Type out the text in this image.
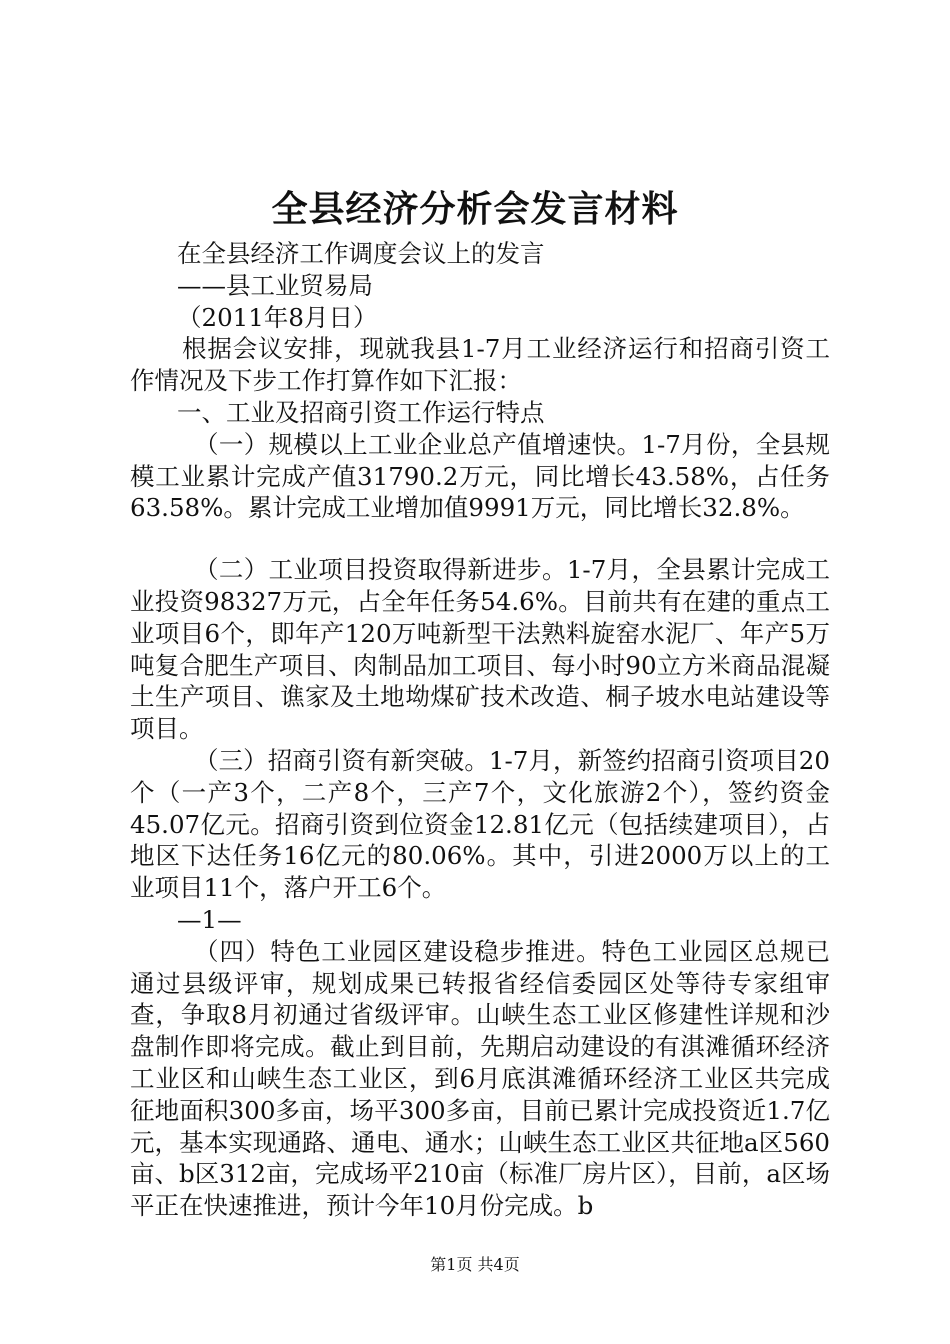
全县经济分析会发言材料

在全县经济工作调度会议上的发言

——县工业贸易局

（2011年8月日）

根据会议安排，现就我县1-7月工业经济运行和招商引资工作情况及下步工作打算作如下汇报：

一、工业及招商引资工作运行特点

（一）规模以上工业企业总产值增速快。1-7月份，全县规模工业累计完成产值31790.2万元，同比增长43.58%，占任务63.58%。累计完成工业增加值9991万元，同比增长32.8%。

（二）工业项目投资取得新进步。1-7月，全县累计完成工业投资98327万元，占全年任务54.6%。目前共有在建的重点工业项目6个，即年产120万吨新型干法熟料旋窑水泥厂、年产5万吨复合肥生产项目、肉制品加工项目、每小时90立方米商品混凝土生产项目、谯家及土地坳煤矿技术改造、桐子坡水电站建设等项目。

（三）招商引资有新突破。1-7月，新签约招商引资项目20个（一产3个，二产8个，三产7个，文化旅游2个），签约资金45.07亿元。招商引资到位资金12.81亿元（包括续建项目），占地区下达任务16亿元的80.06%。其中，引进2000万以上的工业项目11个，落户开工6个。

—1—

（四）特色工业园区建设稳步推进。特色工业园区总规已通过县级评审，规划成果已转报省经信委园区处等待专家组审查，争取8月初通过省级评审。山峡生态工业区修建性详规和沙盘制作即将完成。截止到目前，先期启动建设的有淇滩循环经济工业区和山峡生态工业区，到6月底淇滩循环经济工业区共完成征地面积300多亩，场平300多亩，目前已累计完成投资近1.7亿元，基本实现通路、通电、通水；山峡生态工业区共征地a区560亩、b区312亩，完成场平210亩（标准厂房片区），目前，a区场平正在快速推进，预计今年10月份完成。b

第1页 共4页
